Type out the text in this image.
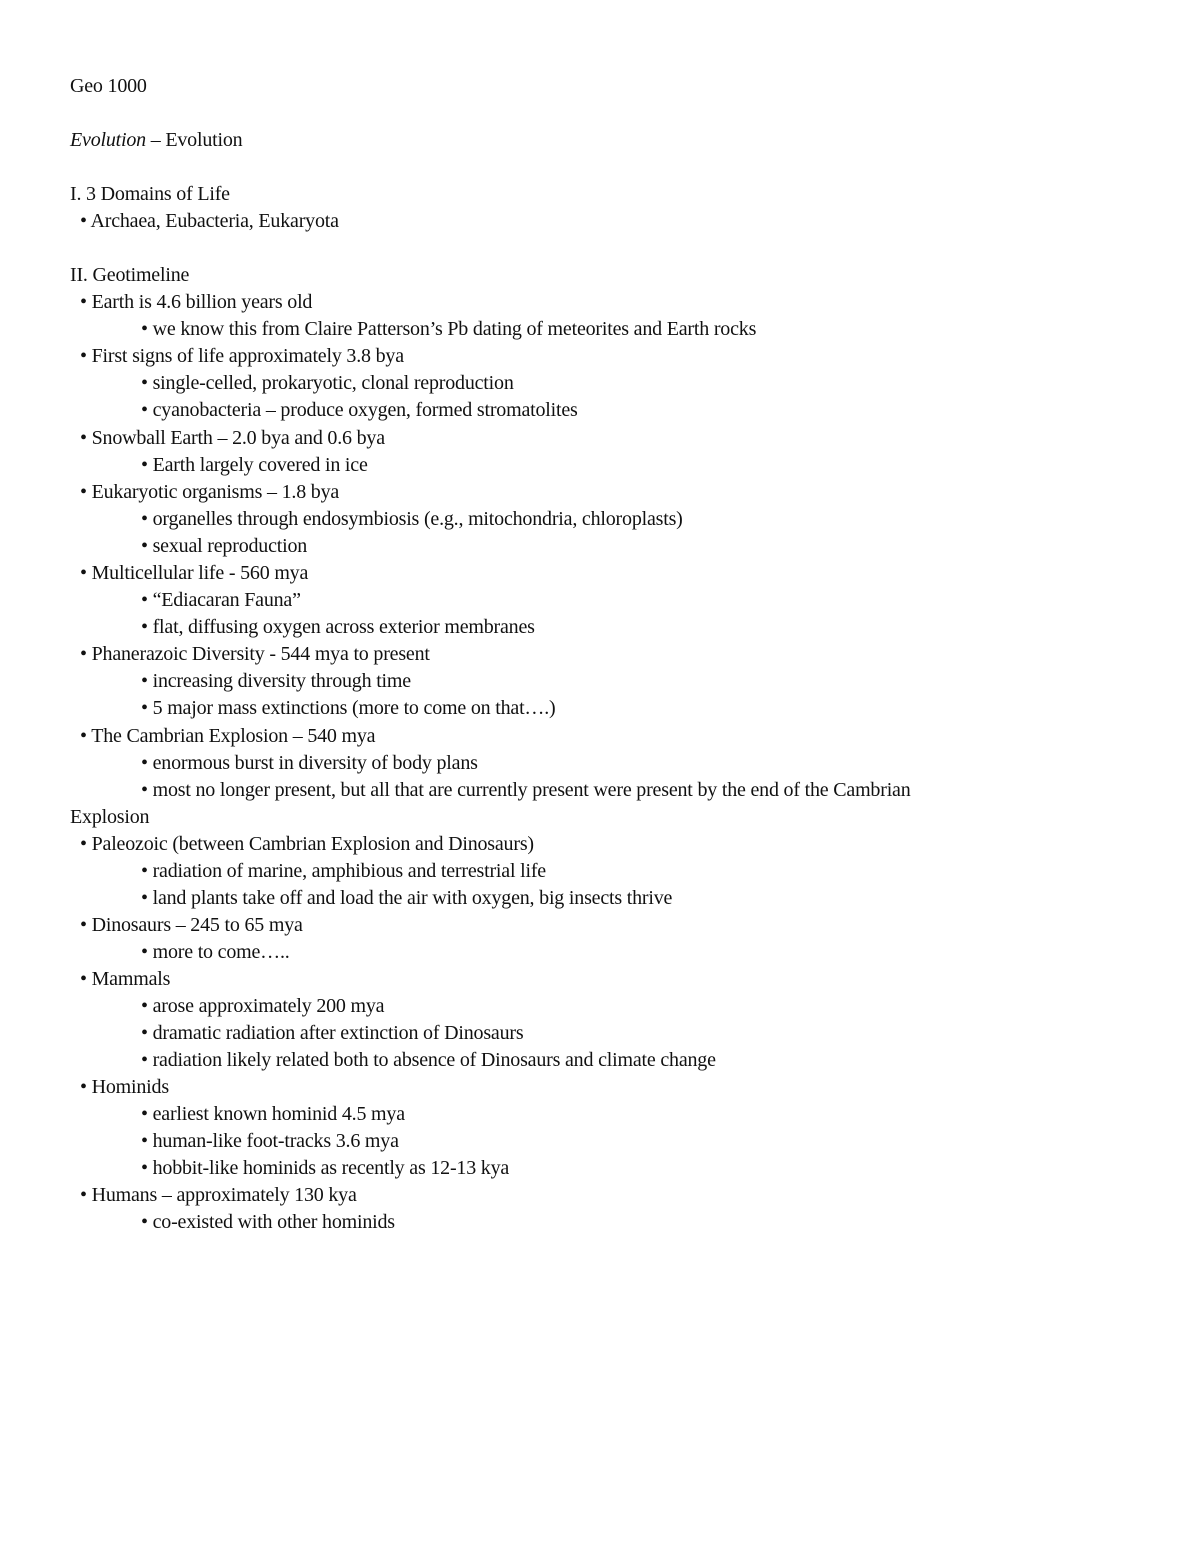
Geo 1000
Evolution – Evolution
I. 3 Domains of Life
• Archaea, Eubacteria, Eukaryota
II. Geotimeline
• Earth is 4.6 billion years old
• we know this from Claire Patterson’s Pb dating of meteorites and Earth rocks
• First signs of life approximately 3.8 bya
• single-celled, prokaryotic, clonal reproduction
• cyanobacteria – produce oxygen, formed stromatolites
• Snowball Earth – 2.0 bya and 0.6 bya
• Earth largely covered in ice
• Eukaryotic organisms – 1.8 bya
• organelles through endosymbiosis (e.g., mitochondria, chloroplasts)
• sexual reproduction
• Multicellular life - 560 mya
• “Ediacaran Fauna”
• flat, diffusing oxygen across exterior membranes
• Phanerazoic Diversity - 544 mya to present
• increasing diversity through time
• 5 major mass extinctions (more to come on that….)
• The Cambrian Explosion – 540 mya
• enormous burst in diversity of body plans
• most no longer present, but all that are currently present were present by the end of the Cambrian
Explosion
• Paleozoic (between Cambrian Explosion and Dinosaurs)
• radiation of marine, amphibious and terrestrial life
• land plants take off and load the air with oxygen, big insects thrive
• Dinosaurs – 245 to 65 mya
• more to come…..
• Mammals
• arose approximately 200 mya
• dramatic radiation after extinction of Dinosaurs
• radiation likely related both to absence of Dinosaurs and climate change
• Hominids
• earliest known hominid 4.5 mya
• human-like foot-tracks 3.6 mya
• hobbit-like hominids as recently as 12-13 kya
• Humans – approximately 130 kya
• co-existed with other hominids
